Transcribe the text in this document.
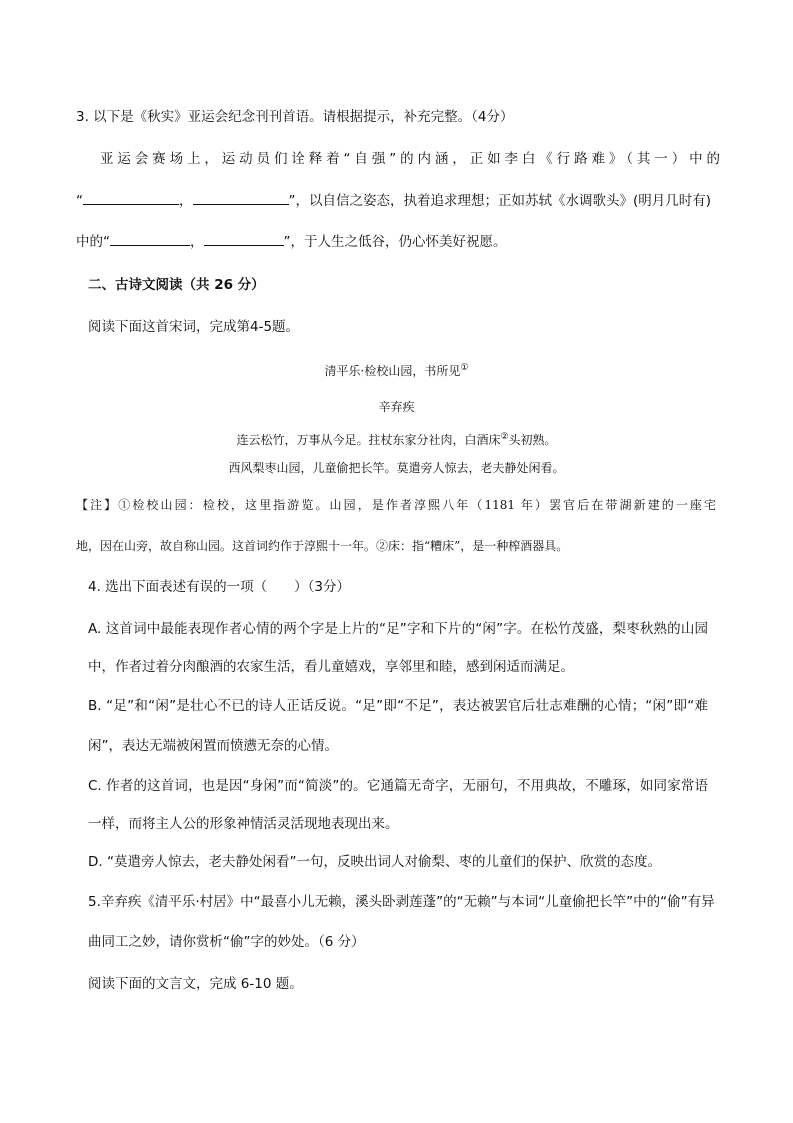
3. 以下是《秋实》亚运会纪念刊刊首语。请根据提示，补充完整。（4分）
亚运会赛场上，运动员们诠释着“自强”的内涵，正如李白《行路难》（其一）中的
“	，	”，以自信之姿态，执着追求理想；正如苏轼《水调歌头》(明月几时有)
中的“	，	”，于人生之低谷，仍心怀美好祝愿。
二、古诗文阅读（共 26 分）
阅读下面这首宋词，完成第4-5题。
清平乐·检校山园，书所见①
辛弃疾
连云松竹，万事从今足。拄杖东家分社肉，白酒床②头初熟。
西风梨枣山园，儿童偷把长竿。莫遣旁人惊去，老夫静处闲看。
【注】①检校山园：检校，这里指游览。山园，是作者淳熙八年（1181 年）罢官后在带湖新建的一座宅
地，因在山旁，故自称山园。这首词约作于淳熙十一年。②床：指“糟床”，是一种榨酒器具。
4. 选出下面表述有误的一项（　　）（3分）
A. 这首词中最能表现作者心情的两个字是上片的“足”字和下片的“闲”字。在松竹茂盛，梨枣秋熟的山园
中，作者过着分肉酿酒的农家生活，看儿童嬉戏，享邻里和睦，感到闲适而满足。
B. “足”和“闲”是壮心不已的诗人正话反说。“足”即“不足”，表达被罢官后壮志难酬的心情；“闲”即“难
闲”，表达无端被闲置而愤懑无奈的心情。
C. 作者的这首词，也是因“身闲”而“简淡”的。它通篇无奇字，无丽句，不用典故，不雕琢，如同家常语
一样，而将主人公的形象神情活灵活现地表现出来。
D. “莫遣旁人惊去，老夫静处闲看”一句，反映出词人对偷梨、枣的儿童们的保护、欣赏的态度。
5.辛弃疾《清平乐·村居》中“最喜小儿无赖，溪头卧剥莲蓬”的“无赖”与本词“儿童偷把长竿”中的“偷”有异
曲同工之妙，请你赏析“偷”字的妙处。（6 分）
阅读下面的文言文，完成 6-10 题。
